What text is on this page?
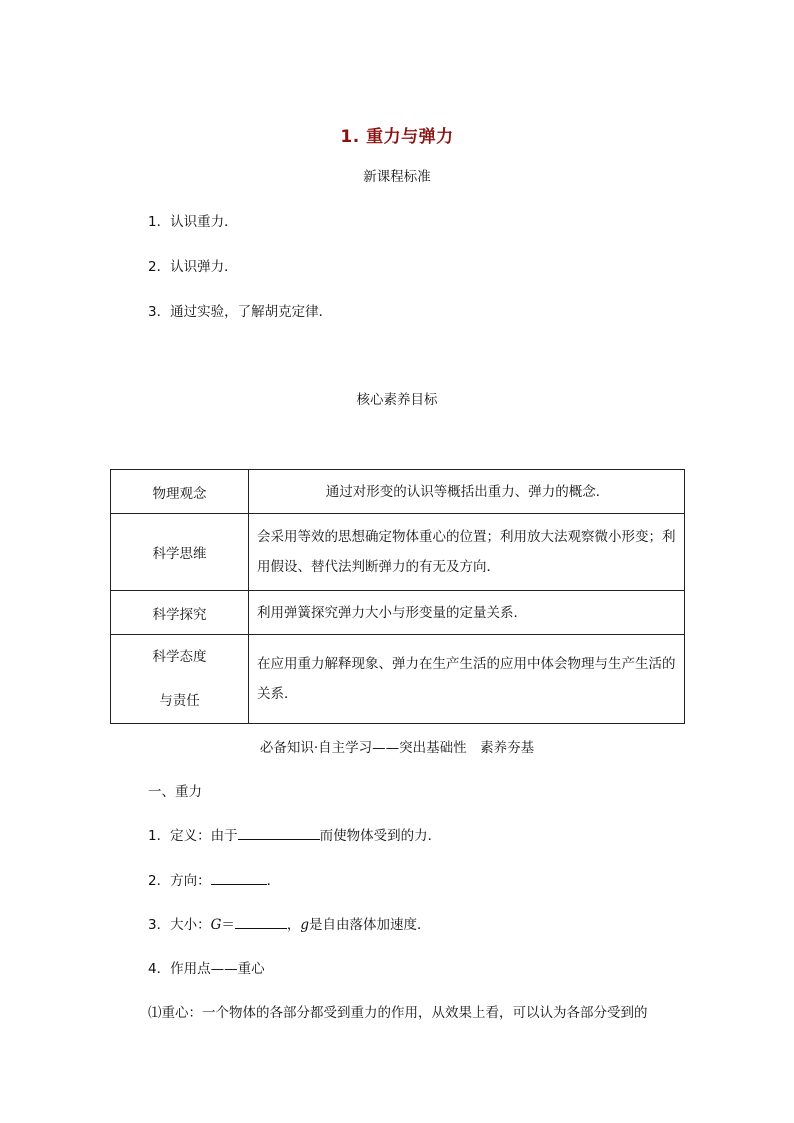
1. 重力与弹力
新课程标准
1．认识重力．
2．认识弹力．
3．通过实验，了解胡克定律．
核心素养目标
物理观念	通过对形变的认识等概括出重力、弹力的概念．
科学思维	会采用等效的思想确定物体重心的位置；利用放大法观察微小形变；利用假设、替代法判断弹力的有无及方向．
科学探究	利用弹簧探究弹力大小与形变量的定量关系．

科学态度
与责任	在应用重力解释现象、弹力在生产生活的应用中体会物理与生产生活的关系．
必备知识·自主学习——突出基础性　素养夯基
一、重力
1．定义：由于	而使物体受到的力．
2．方向：	．
3．大小：G＝	，g是自由落体加速度．
4．作用点——重心
⑴重心：一个物体的各部分都受到重力的作用，从效果上看，可以认为各部分受到的
